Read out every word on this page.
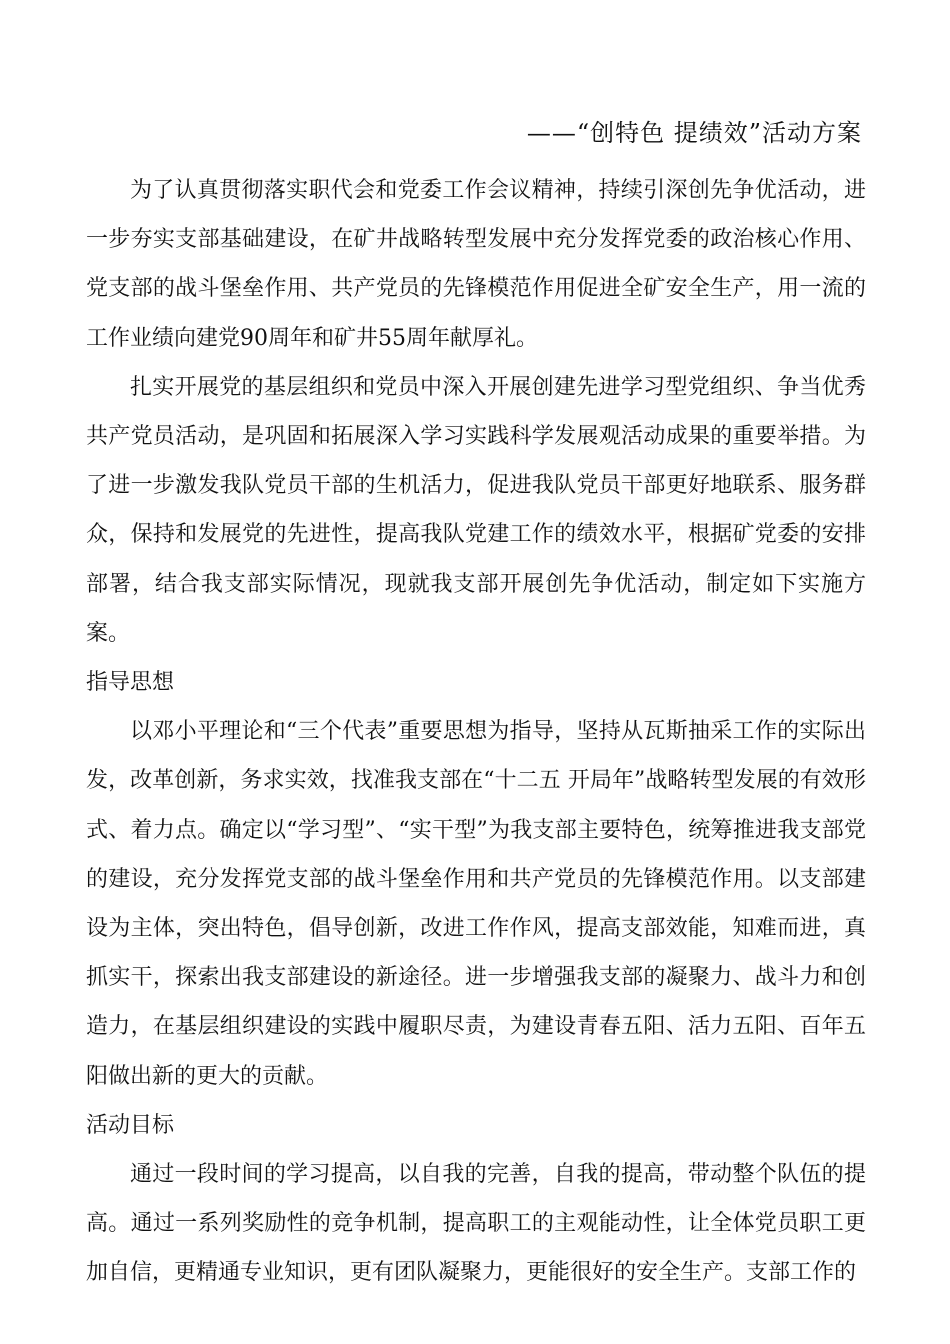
——“创特色 提绩效”活动方案

为了认真贯彻落实职代会和党委工作会议精神，持续引深创先争优活动，进一步夯实支部基础建设，在矿井战略转型发展中充分发挥党委的政治核心作用、党支部的战斗堡垒作用、共产党员的先锋模范作用促进全矿安全生产，用一流的工作业绩向建党90周年和矿井55周年献厚礼。

扎实开展党的基层组织和党员中深入开展创建先进学习型党组织、争当优秀共产党员活动，是巩固和拓展深入学习实践科学发展观活动成果的重要举措。为了进一步激发我队党员干部的生机活力，促进我队党员干部更好地联系、服务群众，保持和发展党的先进性，提高我队党建工作的绩效水平，根据矿党委的安排部署，结合我支部实际情况，现就我支部开展创先争优活动，制定如下实施方案。

指导思想

以邓小平理论和“三个代表”重要思想为指导，坚持从瓦斯抽采工作的实际出发，改革创新，务求实效，找准我支部在“十二五 开局年”战略转型发展的有效形式、着力点。确定以“学习型”、“实干型”为我支部主要特色，统筹推进我支部党的建设，充分发挥党支部的战斗堡垒作用和共产党员的先锋模范作用。以支部建设为主体，突出特色，倡导创新，改进工作作风，提高支部效能，知难而进，真抓实干，探索出我支部建设的新途径。进一步增强我支部的凝聚力、战斗力和创造力，在基层组织建设的实践中履职尽责，为建设青春五阳、活力五阳、百年五阳做出新的更大的贡献。

活动目标

通过一段时间的学习提高，以自我的完善，自我的提高，带动整个队伍的提高。通过一系列奖励性的竞争机制，提高职工的主观能动性，让全体党员职工更加自信，更精通专业知识，更有团队凝聚力，更能很好的安全生产。支部工作的
